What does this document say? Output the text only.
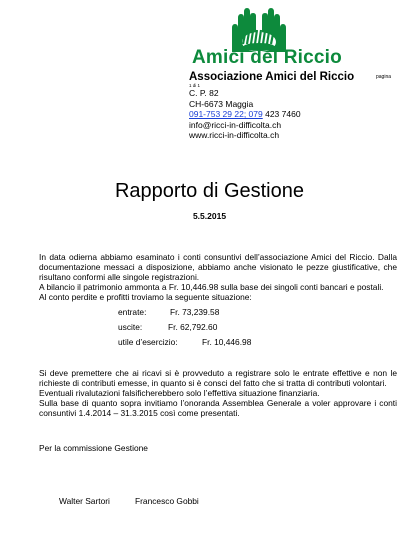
Amici del Riccio
Associazione Amici del Riccio	pagina
1 di 1
C. P. 82
CH-6673 Maggia
091-753 29 22; 079 423 7460
info@ricci-in-difficolta.ch
www.ricci-in-difficolta.ch
Rapporto di Gestione
5.5.2015

In data odierna abbiamo esaminato i conti consuntivi dell’associazione Amici del Riccio. Dalla documentazione messaci a disposizione, abbiamo anche visionato le pezze giustificative, che risultano conformi alle singole registrazioni.

A bilancio il patrimonio ammonta a Fr. 10,446.98 sulla base dei singoli conti bancari e postali.

Al conto perdite e profitti troviamo la seguente situazione:

entrate:	Fr. 73,239.58
uscite:	Fr. 62,792.60
utile d’esercizio:	Fr. 10,446.98

Si deve premettere che ai ricavi si è provveduto a registrare solo le entrate effettive e non le richieste di contributi emesse, in quanto si è consci del fatto che si tratta di contributi volontari.

Eventuali rivalutazioni falsificherebbero solo l’effettiva situazione finanziaria.

Sulla base di quanto sopra invitiamo l’onoranda Assemblea Generale a voler approvare i conti consuntivi 1.4.2014 – 31.3.2015 così come presentati.

Per la commissione Gestione
Walter Sartori	Francesco Gobbi
